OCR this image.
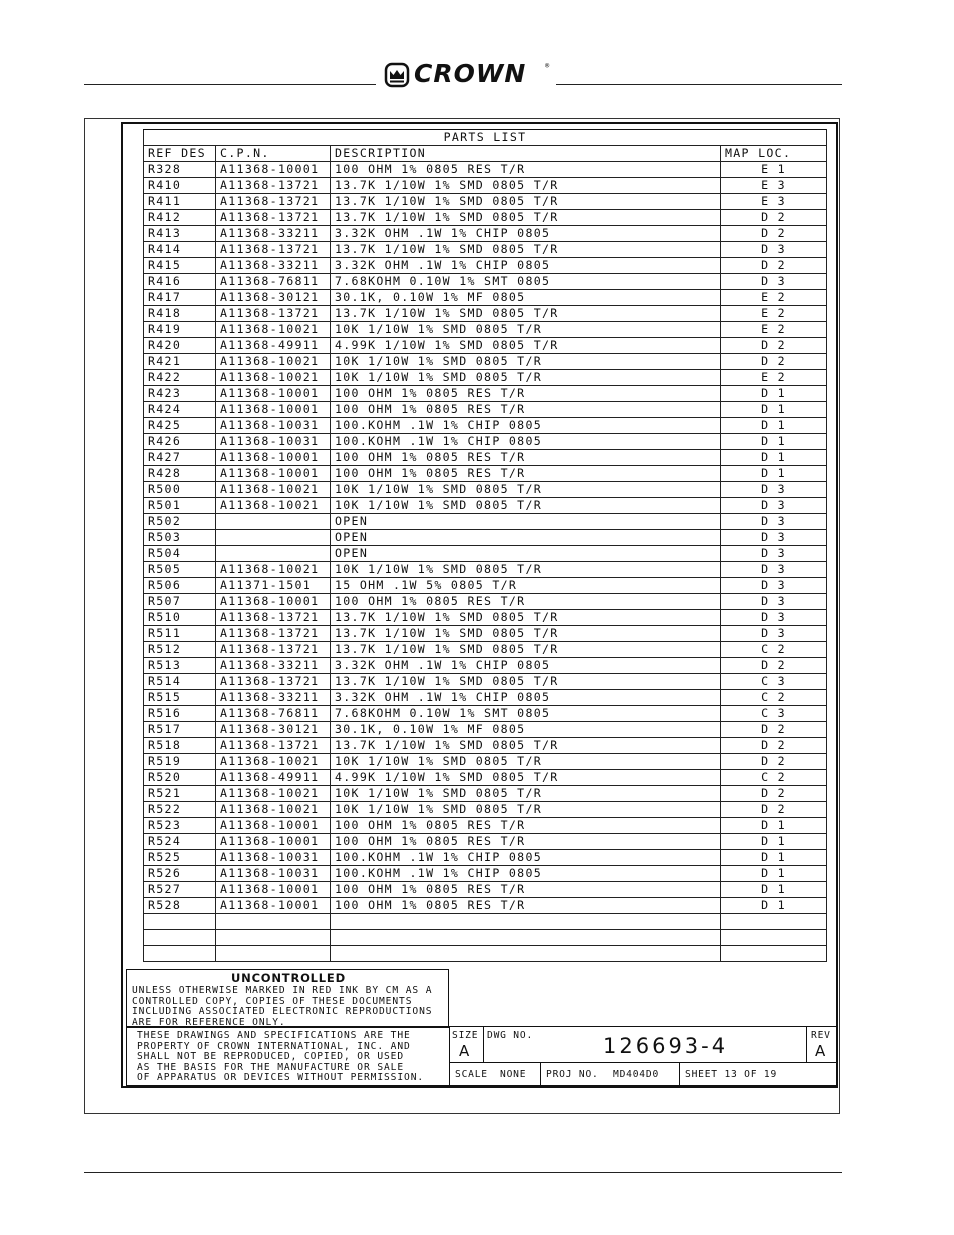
CROWN	®
PARTS LIST			
REF DES	C.P.N.	DESCRIPTION	MAP LOC.
R328	A11368-10001	100 OHM 1% 0805 RES T/R	E 1
R410	A11368-13721	13.7K 1/10W 1% SMD 0805 T/R	E 3
R411	A11368-13721	13.7K 1/10W 1% SMD 0805 T/R	E 3
R412	A11368-13721	13.7K 1/10W 1% SMD 0805 T/R	D 2
R413	A11368-33211	3.32K OHM .1W 1% CHIP 0805	D 2
R414	A11368-13721	13.7K 1/10W 1% SMD 0805 T/R	D 3
R415	A11368-33211	3.32K OHM .1W 1% CHIP 0805	D 2
R416	A11368-76811	7.68KOHM 0.10W 1% SMT 0805	D 3
R417	A11368-30121	30.1K, 0.10W 1% MF 0805	E 2
R418	A11368-13721	13.7K 1/10W 1% SMD 0805 T/R	E 2
R419	A11368-10021	10K 1/10W 1% SMD 0805 T/R	E 2
R420	A11368-49911	4.99K 1/10W 1% SMD 0805 T/R	D 2
R421	A11368-10021	10K 1/10W 1% SMD 0805 T/R	D 2
R422	A11368-10021	10K 1/10W 1% SMD 0805 T/R	E 2
R423	A11368-10001	100 OHM 1% 0805 RES T/R	D 1
R424	A11368-10001	100 OHM 1% 0805 RES T/R	D 1
R425	A11368-10031	100.KOHM .1W 1% CHIP 0805	D 1
R426	A11368-10031	100.KOHM .1W 1% CHIP 0805	D 1
R427	A11368-10001	100 OHM 1% 0805 RES T/R	D 1
R428	A11368-10001	100 OHM 1% 0805 RES T/R	D 1
R500	A11368-10021	10K 1/10W 1% SMD 0805 T/R	D 3
R501	A11368-10021	10K 1/10W 1% SMD 0805 T/R	D 3
R502		OPEN	D 3
R503		OPEN	D 3
R504		OPEN	D 3
R505	A11368-10021	10K 1/10W 1% SMD 0805 T/R	D 3
R506	A11371-1501	15 OHM .1W 5% 0805 T/R	D 3
R507	A11368-10001	100 OHM 1% 0805 RES T/R	D 3
R510	A11368-13721	13.7K 1/10W 1% SMD 0805 T/R	D 3
R511	A11368-13721	13.7K 1/10W 1% SMD 0805 T/R	D 3
R512	A11368-13721	13.7K 1/10W 1% SMD 0805 T/R	C 2
R513	A11368-33211	3.32K OHM .1W 1% CHIP 0805	D 2
R514	A11368-13721	13.7K 1/10W 1% SMD 0805 T/R	C 3
R515	A11368-33211	3.32K OHM .1W 1% CHIP 0805	C 2
R516	A11368-76811	7.68KOHM 0.10W 1% SMT 0805	C 3
R517	A11368-30121	30.1K, 0.10W 1% MF 0805	D 2
R518	A11368-13721	13.7K 1/10W 1% SMD 0805 T/R	D 2
R519	A11368-10021	10K 1/10W 1% SMD 0805 T/R	D 2
R520	A11368-49911	4.99K 1/10W 1% SMD 0805 T/R	C 2
R521	A11368-10021	10K 1/10W 1% SMD 0805 T/R	D 2
R522	A11368-10021	10K 1/10W 1% SMD 0805 T/R	D 2
R523	A11368-10001	100 OHM 1% 0805 RES T/R	D 1
R524	A11368-10001	100 OHM 1% 0805 RES T/R	D 1
R525	A11368-10031	100.KOHM .1W 1% CHIP 0805	D 1
R526	A11368-10031	100.KOHM .1W 1% CHIP 0805	D 1
R527	A11368-10001	100 OHM 1% 0805 RES T/R	D 1
R528	A11368-10001	100 OHM 1% 0805 RES T/R	D 1

UNCONTROLLED
UNLESS OTHERWISE MARKED IN RED INK BY CM AS A
CONTROLLED COPY, COPIES OF THESE DOCUMENTS
INCLUDING ASSOCIATED ELECTRONIC REPRODUCTIONS
ARE FOR REFERENCE ONLY.
THESE DRAWINGS AND SPECIFICATIONS ARE THE
PROPERTY OF CROWN INTERNATIONAL, INC. AND
SHALL NOT BE REPRODUCED, COPIED, OR USED
AS THE BASIS FOR THE MANUFACTURE OR SALE
OF APPARATUS OR DEVICES WITHOUT PERMISSION.
SIZE
A
DWG NO.	126693-4	REV
A
SCALE NONE PROJ NO. MD404D0	SHEET 13 OF 19
